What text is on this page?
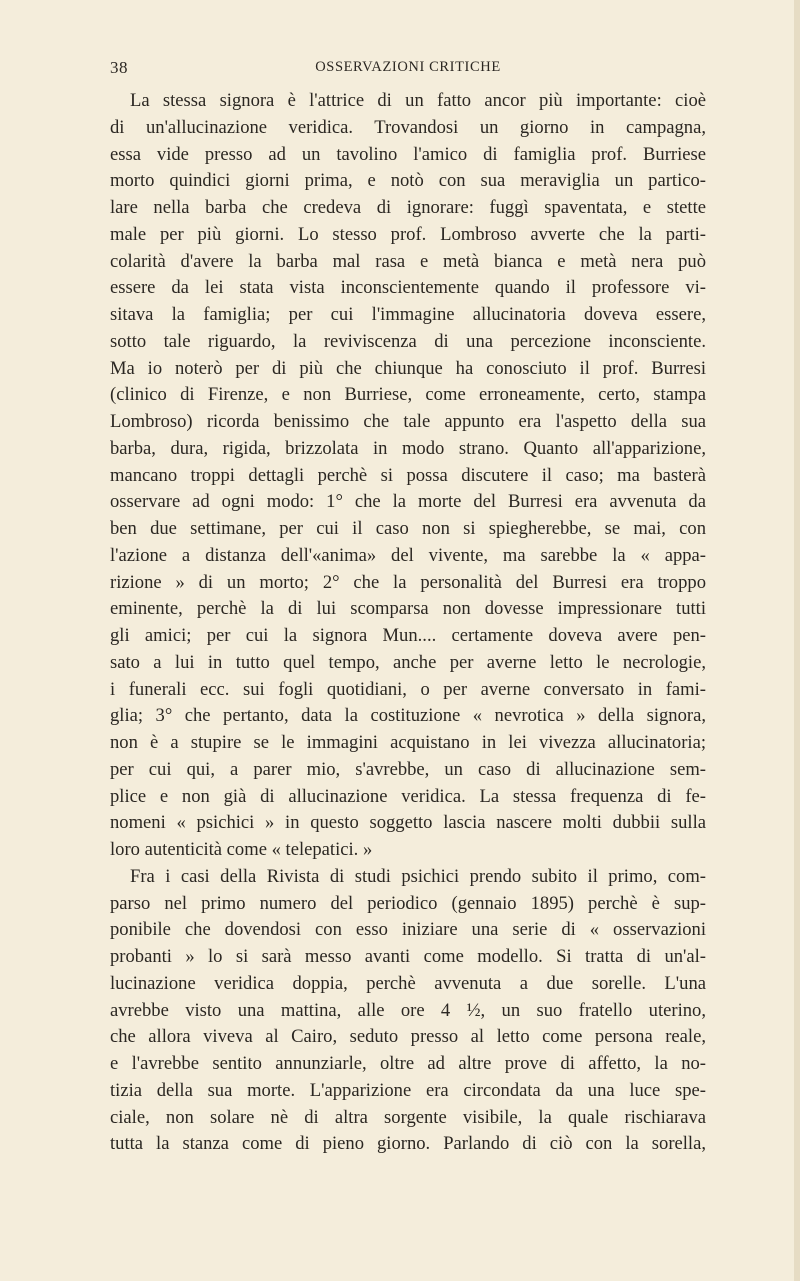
38	OSSERVAZIONI CRITICHE
La stessa signora è l'attrice di un fatto ancor più importante: cioè
di un'allucinazione veridica. Trovandosi un giorno in campagna,
essa vide presso ad un tavolino l'amico di famiglia prof. Burriese
morto quindici giorni prima, e notò con sua meraviglia un partico-
lare nella barba che credeva di ignorare: fuggì spaventata, e stette
male per più giorni. Lo stesso prof. Lombroso avverte che la parti-
colarità d'avere la barba mal rasa e metà bianca e metà nera può
essere da lei stata vista inconscientemente quando il professore vi-
sitava la famiglia; per cui l'immagine allucinatoria doveva essere,
sotto tale riguardo, la reviviscenza di una percezione inconsciente.
Ma io noterò per di più che chiunque ha conosciuto il prof. Burresi
(clinico di Firenze, e non Burriese, come erroneamente, certo, stampa
Lombroso) ricorda benissimo che tale appunto era l'aspetto della sua
barba, dura, rigida, brizzolata in modo strano. Quanto all'apparizione,
mancano troppi dettagli perchè si possa discutere il caso; ma basterà
osservare ad ogni modo: 1° che la morte del Burresi era avvenuta da
ben due settimane, per cui il caso non si spiegherebbe, se mai, con
l'azione a distanza dell'«anima» del vivente, ma sarebbe la « appa-
rizione » di un morto; 2° che la personalità del Burresi era troppo
eminente, perchè la di lui scomparsa non dovesse impressionare tutti
gli amici; per cui la signora Mun.... certamente doveva avere pen-
sato a lui in tutto quel tempo, anche per averne letto le necrologie,
i funerali ecc. sui fogli quotidiani, o per averne conversato in fami-
glia; 3° che pertanto, data la costituzione « nevrotica » della signora,
non è a stupire se le immagini acquistano in lei vivezza allucinatoria;
per cui qui, a parer mio, s'avrebbe, un caso di allucinazione sem-
plice e non già di allucinazione veridica. La stessa frequenza di fe-
nomeni « psichici » in questo soggetto lascia nascere molti dubbii sulla
loro autenticità come « telepatici. »
Fra i casi della Rivista di studi psichici prendo subito il primo, com-
parso nel primo numero del periodico (gennaio 1895) perchè è sup-
ponibile che dovendosi con esso iniziare una serie di « osservazioni
probanti » lo si sarà messo avanti come modello. Si tratta di un'al-
lucinazione veridica doppia, perchè avvenuta a due sorelle. L'una
avrebbe visto una mattina, alle ore 4 ½, un suo fratello uterino,
che allora viveva al Cairo, seduto presso al letto come persona reale,
e l'avrebbe sentito annunziarle, oltre ad altre prove di affetto, la no-
tizia della sua morte. L'apparizione era circondata da una luce spe-
ciale, non solare nè di altra sorgente visibile, la quale rischiarava
tutta la stanza come di pieno giorno. Parlando di ciò con la sorella,
